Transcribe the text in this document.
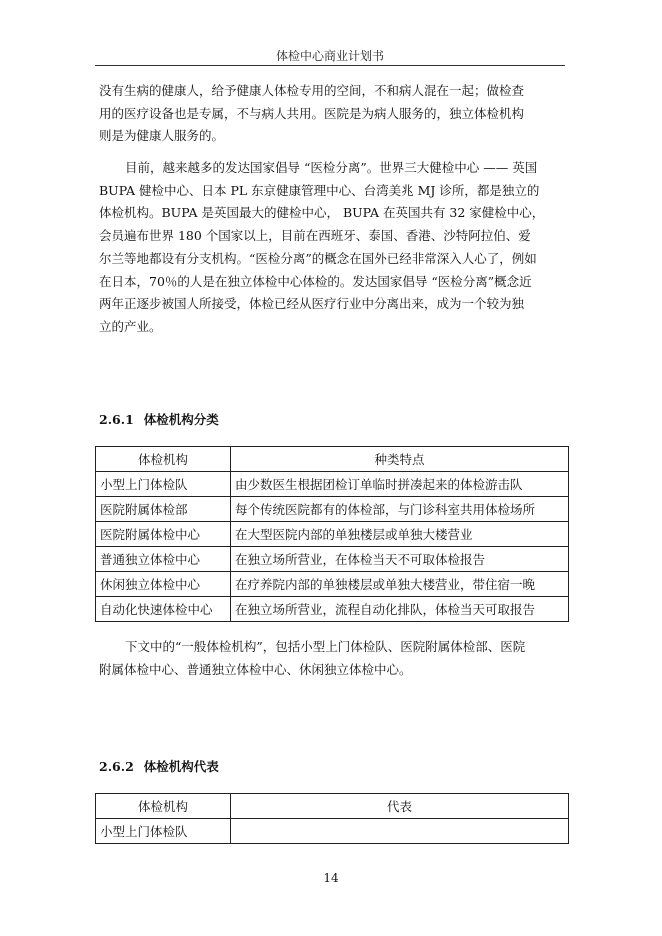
体检中心商业计划书

没有生病的健康人，给予健康人体检专用的空间，不和病人混在一起；做检查
用的医疗设备也是专属，不与病人共用。医院是为病人服务的，独立体检机构
则是为健康人服务的。

目前，越来越多的发达国家倡导 “医检分离”。世界三大健检中心 —— 英国
BUPA 健检中心、日本 PL 东京健康管理中心、台湾美兆 MJ 诊所，都是独立的
体检机构。BUPA 是英国最大的健检中心， BUPA 在英国共有 32 家健检中心，
会员遍布世界 180 个国家以上，目前在西班牙、泰国、香港、沙特阿拉伯、爱
尔兰等地都设有分支机构。“医检分离”的概念在国外已经非常深入人心了，例如
在日本，70％的人是在独立体检中心体检的。发达国家倡导 “医检分离”概念近
两年正逐步被国人所接受，体检已经从医疗行业中分离出来，成为一个较为独
立的产业。

2.6.1 体检机构分类
体检机构	种类特点
小型上门体检队	由少数医生根据团检订单临时拼凑起来的体检游击队
医院附属体检部	每个传统医院都有的体检部，与门诊科室共用体检场所
医院附属体检中心	在大型医院内部的单独楼层或单独大楼营业
普通独立体检中心	在独立场所营业，在体检当天不可取体检报告
休闲独立体检中心	在疗养院内部的单独楼层或单独大楼营业，带住宿一晚
自动化快速体检中心	在独立场所营业，流程自动化排队，体检当天可取报告

下文中的“一般体检机构”，包括小型上门体检队、医院附属体检部、医院
附属体检中心、普通独立体检中心、休闲独立体检中心。

2.6.2 体检机构代表
体检机构	代表
小型上门体检队	
14
